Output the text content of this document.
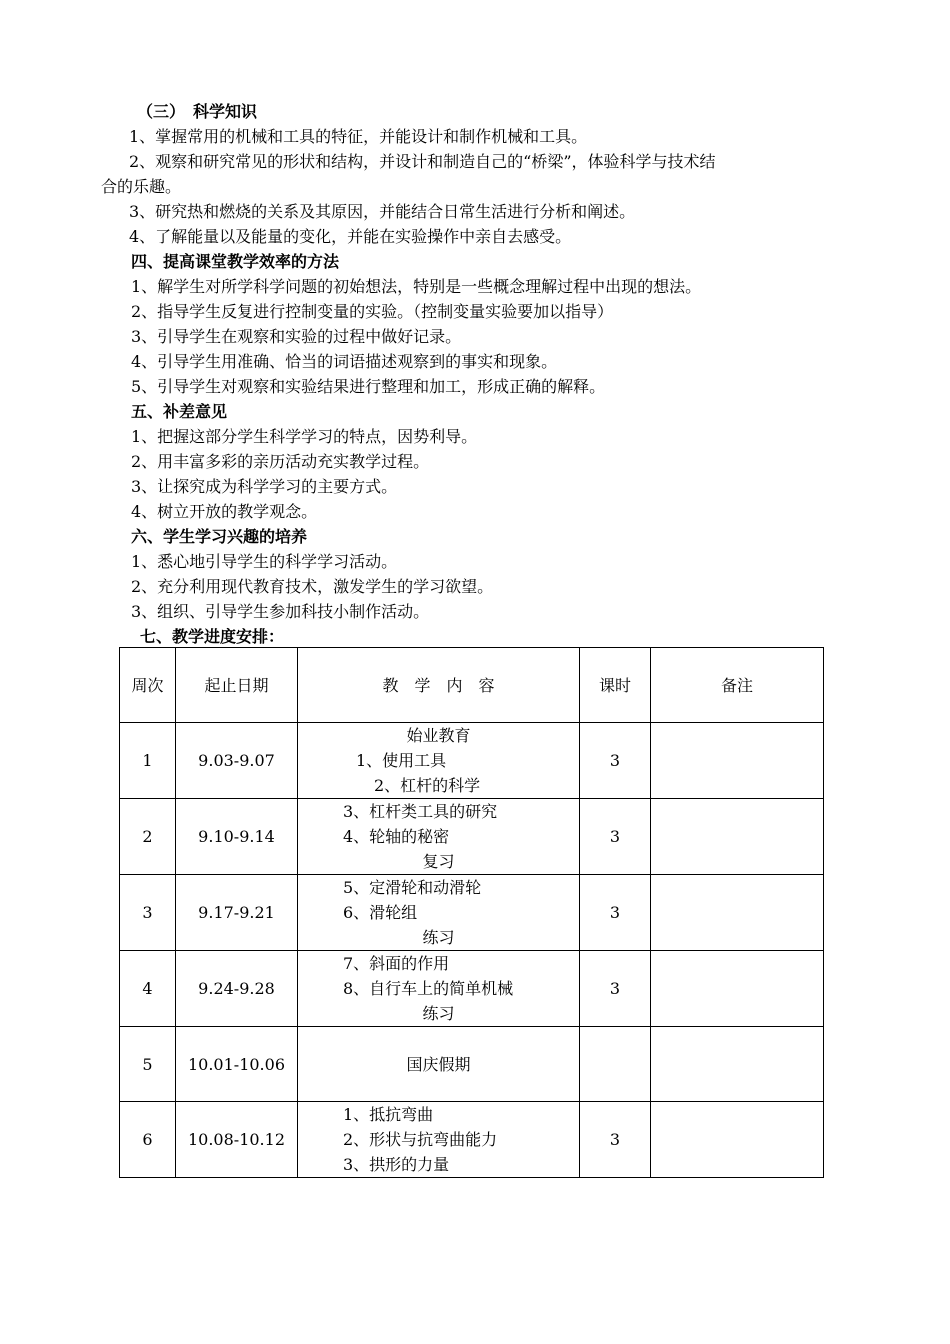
（三）　科学知识
1、掌握常用的机械和工具的特征，并能设计和制作机械和工具。
2、观察和研究常见的形状和结构，并设计和制造自己的“桥梁”，体验科学与技术结
合的乐趣。
3、研究热和燃烧的关系及其原因，并能结合日常生活进行分析和阐述。
4、了解能量以及能量的变化，并能在实验操作中亲自去感受。
四、提高课堂教学效率的方法
1、解学生对所学科学问题的初始想法，特别是一些概念理解过程中出现的想法。
2、指导学生反复进行控制变量的实验。（控制变量实验要加以指导）
3、引导学生在观察和实验的过程中做好记录。
4、引导学生用准确、恰当的词语描述观察到的事实和现象。
5、引导学生对观察和实验结果进行整理和加工，形成正确的解释。
五、补差意见
1、把握这部分学生科学学习的特点，因势利导。
2、用丰富多彩的亲历活动充实教学过程。
3、让探究成为科学学习的主要方式。
4、树立开放的教学观念。
六、学生学习兴趣的培养
1、悉心地引导学生的科学学习活动。
2、充分利用现代教育技术，激发学生的学习欲望。
3、组织、引导学生参加科技小制作活动。
七、教学进度安排：
周次	起止日期	教　学　内　容	课时	备注
1	9.03-9.07	始业教育
1、使用工具
2、杠杆的科学	3	
2	9.10-9.14	3、杠杆类工具的研究
4、轮轴的秘密
复习	3	
3	9.17-9.21	5、定滑轮和动滑轮
6、滑轮组
练习	3	
4	9.24-9.28	7、斜面的作用
8、自行车上的简单机械
练习	3	
5	10.01-10.06	国庆假期		

6	10.08-10.12	1、抵抗弯曲
2、形状与抗弯曲能力
3、拱形的力量	3	
